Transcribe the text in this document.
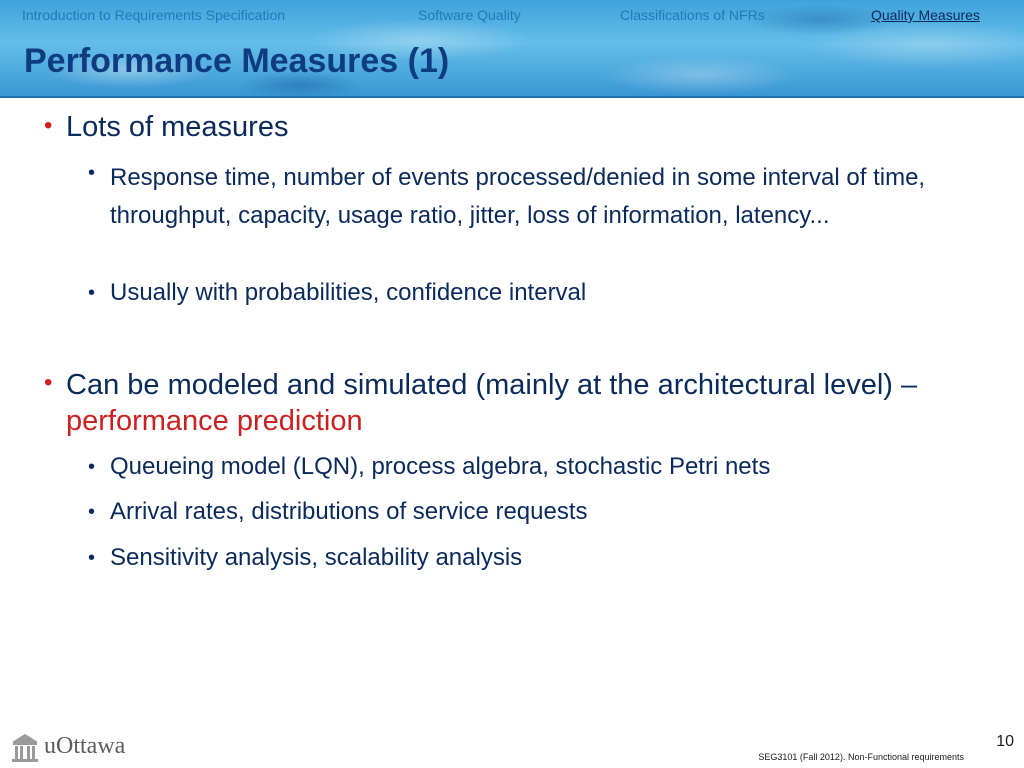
Introduction to Requirements Specification	Software Quality	Classifications of NFRs	Quality Measures
Performance Measures (1)
• Lots of measures
• Response time, number of events processed/denied in some interval of time, throughput, capacity, usage ratio, jitter, loss of information, latency...
• Usually with probabilities, confidence interval
• Can be modeled and simulated (mainly at the architectural level) – performance prediction
• Queueing model (LQN), process algebra, stochastic Petri nets
• Arrival rates, distributions of service requests
• Sensitivity analysis, scalability analysis
uOttawa	10
SEG3101 (Fall 2012). Non-Functional requirements
